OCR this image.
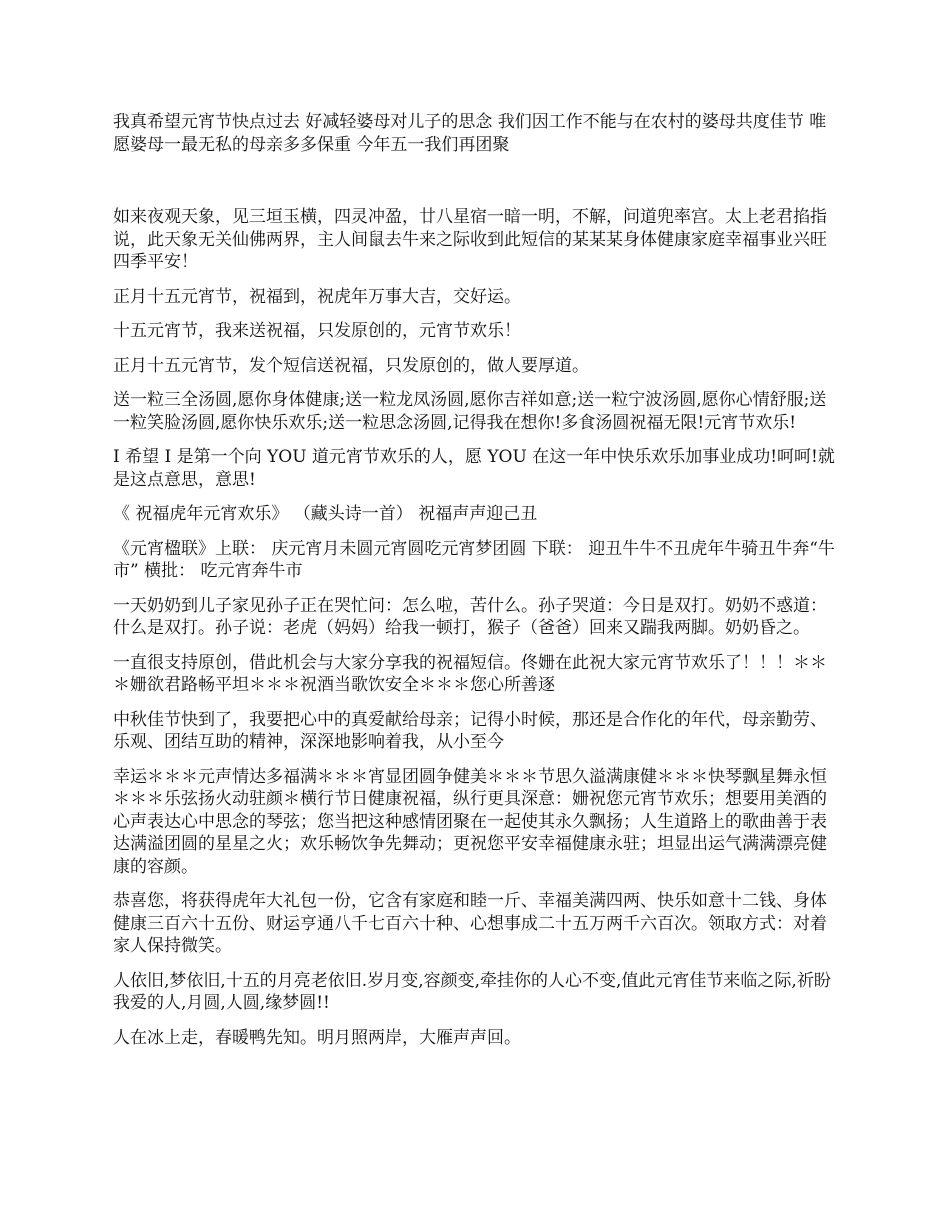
我真希望元宵节快点过去 好减轻婆母对儿子的思念 我们因工作不能与在农村的婆母共度佳节 唯愿婆母一最无私的母亲多多保重 今年五一我们再团聚

如来夜观天象，见三垣玉横，四灵冲盈，廿八星宿一暗一明，不解，问道兜率宫。太上老君掐指说，此天象无关仙佛两界，主人间鼠去牛来之际收到此短信的某某某身体健康家庭幸福事业兴旺四季平安！

正月十五元宵节，祝福到，祝虎年万事大吉，交好运。

十五元宵节，我来送祝福，只发原创的，元宵节欢乐！

正月十五元宵节，发个短信送祝福，只发原创的，做人要厚道。

送一粒三全汤圆,愿你身体健康;送一粒龙凤汤圆,愿你吉祥如意;送一粒宁波汤圆,愿你心情舒服;送一粒笑脸汤圆,愿你快乐欢乐;送一粒思念汤圆,记得我在想你!多食汤圆祝福无限!元宵节欢乐!

I 希望 I 是第一个向 YOU 道元宵节欢乐的人，愿 YOU 在这一年中快乐欢乐加事业成功!呵呵!就是这点意思，意思!

《 祝福虎年元宵欢乐》 （藏头诗一首） 祝福声声迎己丑

《元宵楹联》上联： 庆元宵月未圆元宵圆吃元宵梦团圆 下联： 迎丑牛牛不丑虎年牛骑丑牛奔“牛市” 横批： 吃元宵奔牛市

一天奶奶到儿子家见孙子正在哭忙问：怎么啦，苦什么。孙子哭道：今日是双打。奶奶不惑道：什么是双打。孙子说：老虎（妈妈）给我一顿打，猴子（爸爸）回来又踹我两脚。奶奶昏之。

一直很支持原创，借此机会与大家分享我的祝福短信。佟姗在此祝大家元宵节欢乐了！！！＊＊＊姗欲君路畅平坦＊＊＊祝酒当歌饮安全＊＊＊您心所善逐

中秋佳节快到了，我要把心中的真爱献给母亲；记得小时候，那还是合作化的年代，母亲勤劳、乐观、团结互助的精神，深深地影响着我，从小至今

幸运＊＊＊元声情达多福满＊＊＊宵显团圆争健美＊＊＊节思久溢满康健＊＊＊快琴飘星舞永恒＊＊＊乐弦扬火动驻颜＊横行节日健康祝福，纵行更具深意：姗祝您元宵节欢乐；想要用美酒的心声表达心中思念的琴弦；您当把这种感情团聚在一起使其永久飘扬；人生道路上的歌曲善于表达满溢团圆的星星之火；欢乐畅饮争先舞动；更祝您平安幸福健康永驻；坦显出运气满满漂亮健康的容颜。

恭喜您，将获得虎年大礼包一份，它含有家庭和睦一斤、幸福美满四两、快乐如意十二钱、身体健康三百六十五份、财运亨通八千七百六十种、心想事成二十五万两千六百次。领取方式：对着家人保持微笑。

人依旧,梦依旧,十五的月亮老依旧.岁月变,容颜变,牵挂你的人心不变,值此元宵佳节来临之际,祈盼我爱的人,月圆,人圆,缘梦圆!!

人在冰上走，春暖鸭先知。明月照两岸，大雁声声回。
